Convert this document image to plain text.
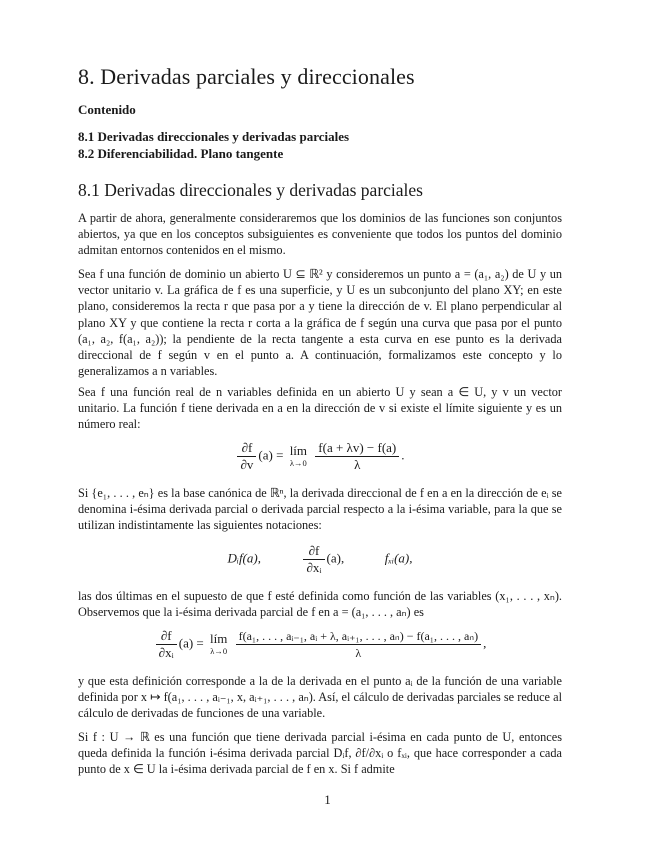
8. Derivadas parciales y direccionales
Contenido
8.1 Derivadas direccionales y derivadas parciales
8.2 Diferenciabilidad. Plano tangente
8.1 Derivadas direccionales y derivadas parciales

A partir de ahora, generalmente consideraremos que los dominios de las funciones son conjuntos abiertos, ya que en los conceptos subsiguientes es conveniente que todos los puntos del dominio admitan entornos contenidos en el mismo.

Sea f una función de dominio un abierto U ⊆ ℝ² y consideremos un punto a = (a₁, a₂) de U y un vector unitario v. La gráfica de f es una superficie, y U es un subconjunto del plano XY; en este plano, consideremos la recta r que pasa por a y tiene la dirección de v. El plano perpendicular al plano XY y que contiene la recta r corta a la gráfica de f según una curva que pasa por el punto (a₁, a₂, f(a₁, a₂)); la pendiente de la recta tangente a esta curva en ese punto es la derivada direccional de f según v en el punto a. A continuación, formalizamos este concepto y lo generalizamos a n variables.

Sea f una función real de n variables definida en un abierto U y sean a ∈ U, y v un vector unitario. La función f tiene derivada en a en la dirección de v si existe el límite siguiente y es un número real:

$\frac{\partial f}{\partial v} (a)$ = lím
λ→0
$\frac{f(a + \lambda v) - f(a)}{\lambda}$ .

Si {e₁, . . . , eₙ} es la base canónica de ℝⁿ, la derivada direccional de f en a en la dirección de eᵢ se denomina i-ésima derivada parcial o derivada parcial respecto a la i-ésima variable, para la que se utilizan indistintamente las siguientes notaciones:

Dᵢf(a),	$\frac{\partial f}{\text{∂xᵢ}} (a)$,	fₓᵢ(a),

las dos últimas en el supuesto de que f esté definida como función de las variables (x₁, . . . , xₙ). Observemos que la i-ésima derivada parcial de f en a = (a₁, . . . , aₙ) es

$\frac{\partial f}{\text{∂xᵢ}} (a)$ = lím
λ→0

f(a₁, . . . , aᵢ₋₁, aᵢ + λ, aᵢ₊₁, . . . , aₙ) − f(a₁, . . . , aₙ)
λ
,

y que esta definición corresponde a la de la derivada en el punto aᵢ de la función de una variable definida por x ↦ f(a₁, . . . , aᵢ₋₁, x, aᵢ₊₁, . . . , aₙ). Así, el cálculo de derivadas parciales se reduce al cálculo de derivadas de funciones de una variable.

Si f : U → ℝ es una función que tiene derivada parcial i-ésima en cada punto de U, entonces queda definida la función i-ésima derivada parcial Dᵢf, ∂f/∂xᵢ o fₓᵢ, que hace corresponder a cada punto de x ∈ U la i-ésima derivada parcial de f en x. Si f admite

1
